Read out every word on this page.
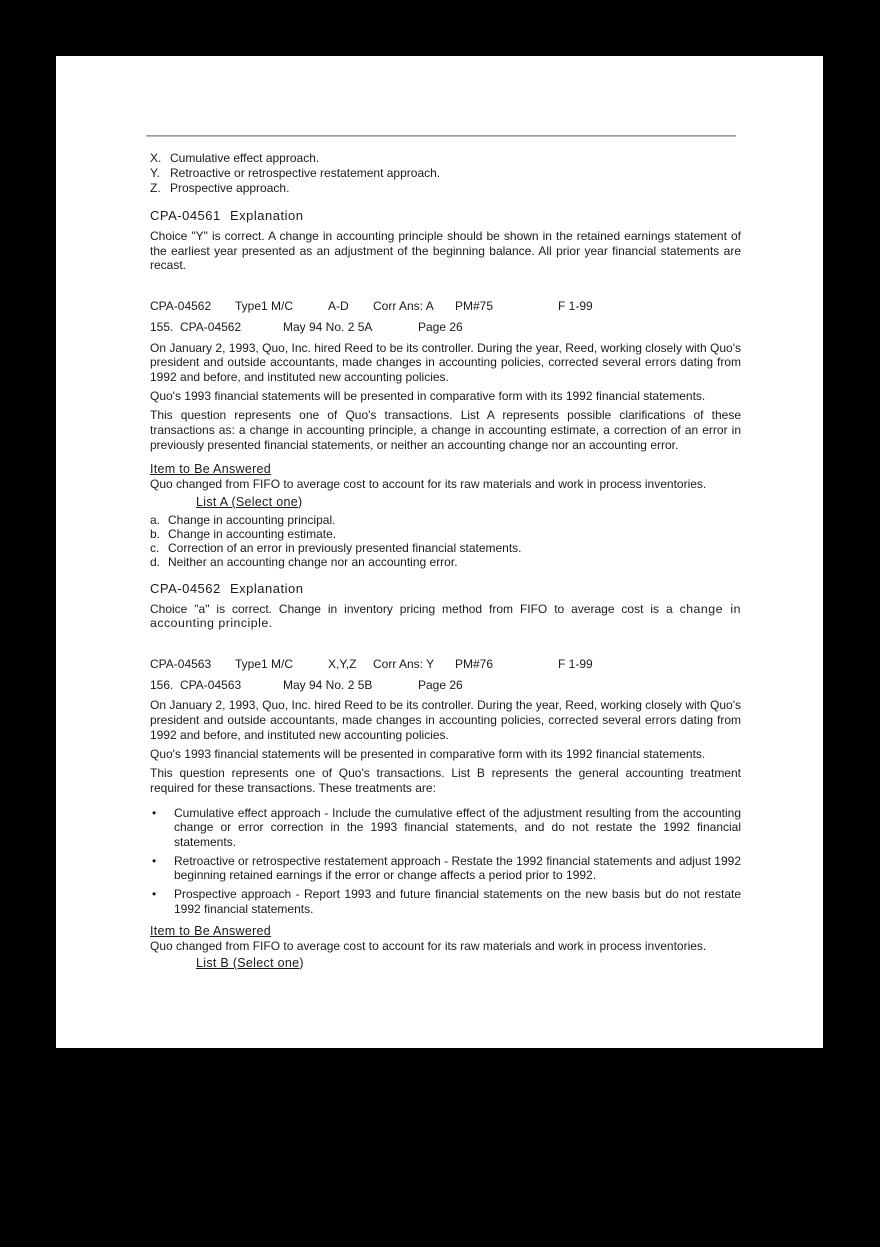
X. Cumulative effect approach.
Y. Retroactive or retrospective restatement approach.
Z. Prospective approach.
CPA-04561 Explanation

Choice "Y" is correct. A change in accounting principle should be shown in the retained earnings statement of the earliest year presented as an adjustment of the beginning balance. All prior year financial statements are recast.

CPA-04562	Type1 M/C	A-D	Corr Ans: A	PM#75	F 1-99
155. CPA-04562	May 94 No. 2 5A	Page 26

On January 2, 1993, Quo, Inc. hired Reed to be its controller. During the year, Reed, working closely with Quo's president and outside accountants, made changes in accounting policies, corrected several errors dating from 1992 and before, and instituted new accounting policies.

Quo's 1993 financial statements will be presented in comparative form with its 1992 financial statements.

This question represents one of Quo's transactions. List A represents possible clarifications of these transactions as: a change in accounting principle, a change in accounting estimate, a correction of an error in previously presented financial statements, or neither an accounting change nor an accounting error.

Item to Be Answered

Quo changed from FIFO to average cost to account for its raw materials and work in process inventories.

List A (Select one)
a. Change in accounting principal.
b. Change in accounting estimate.
c. Correction of an error in previously presented financial statements.
d. Neither an accounting change nor an accounting error.
CPA-04562 Explanation

Choice "a" is correct. Change in inventory pricing method from FIFO to average cost is a change in accounting principle.

CPA-04563	Type1 M/C	X,Y,Z	Corr Ans: Y	PM#76	F 1-99
156. CPA-04563	May 94 No. 2 5B	Page 26

On January 2, 1993, Quo, Inc. hired Reed to be its controller. During the year, Reed, working closely with Quo's president and outside accountants, made changes in accounting policies, corrected several errors dating from 1992 and before, and instituted new accounting policies.

Quo's 1993 financial statements will be presented in comparative form with its 1992 financial statements.

This question represents one of Quo's transactions. List B represents the general accounting treatment required for these transactions. These treatments are:

•	Cumulative effect approach - Include the cumulative effect of the adjustment resulting from the accounting change or error correction in the 1993 financial statements, and do not restate the 1992 financial statements.
•	Retroactive or retrospective restatement approach - Restate the 1992 financial statements and adjust 1992 beginning retained earnings if the error or change affects a period prior to 1992.
•	Prospective approach - Report 1993 and future financial statements on the new basis but do not restate 1992 financial statements.
Item to Be Answered

Quo changed from FIFO to average cost to account for its raw materials and work in process inventories.

List B (Select one)
